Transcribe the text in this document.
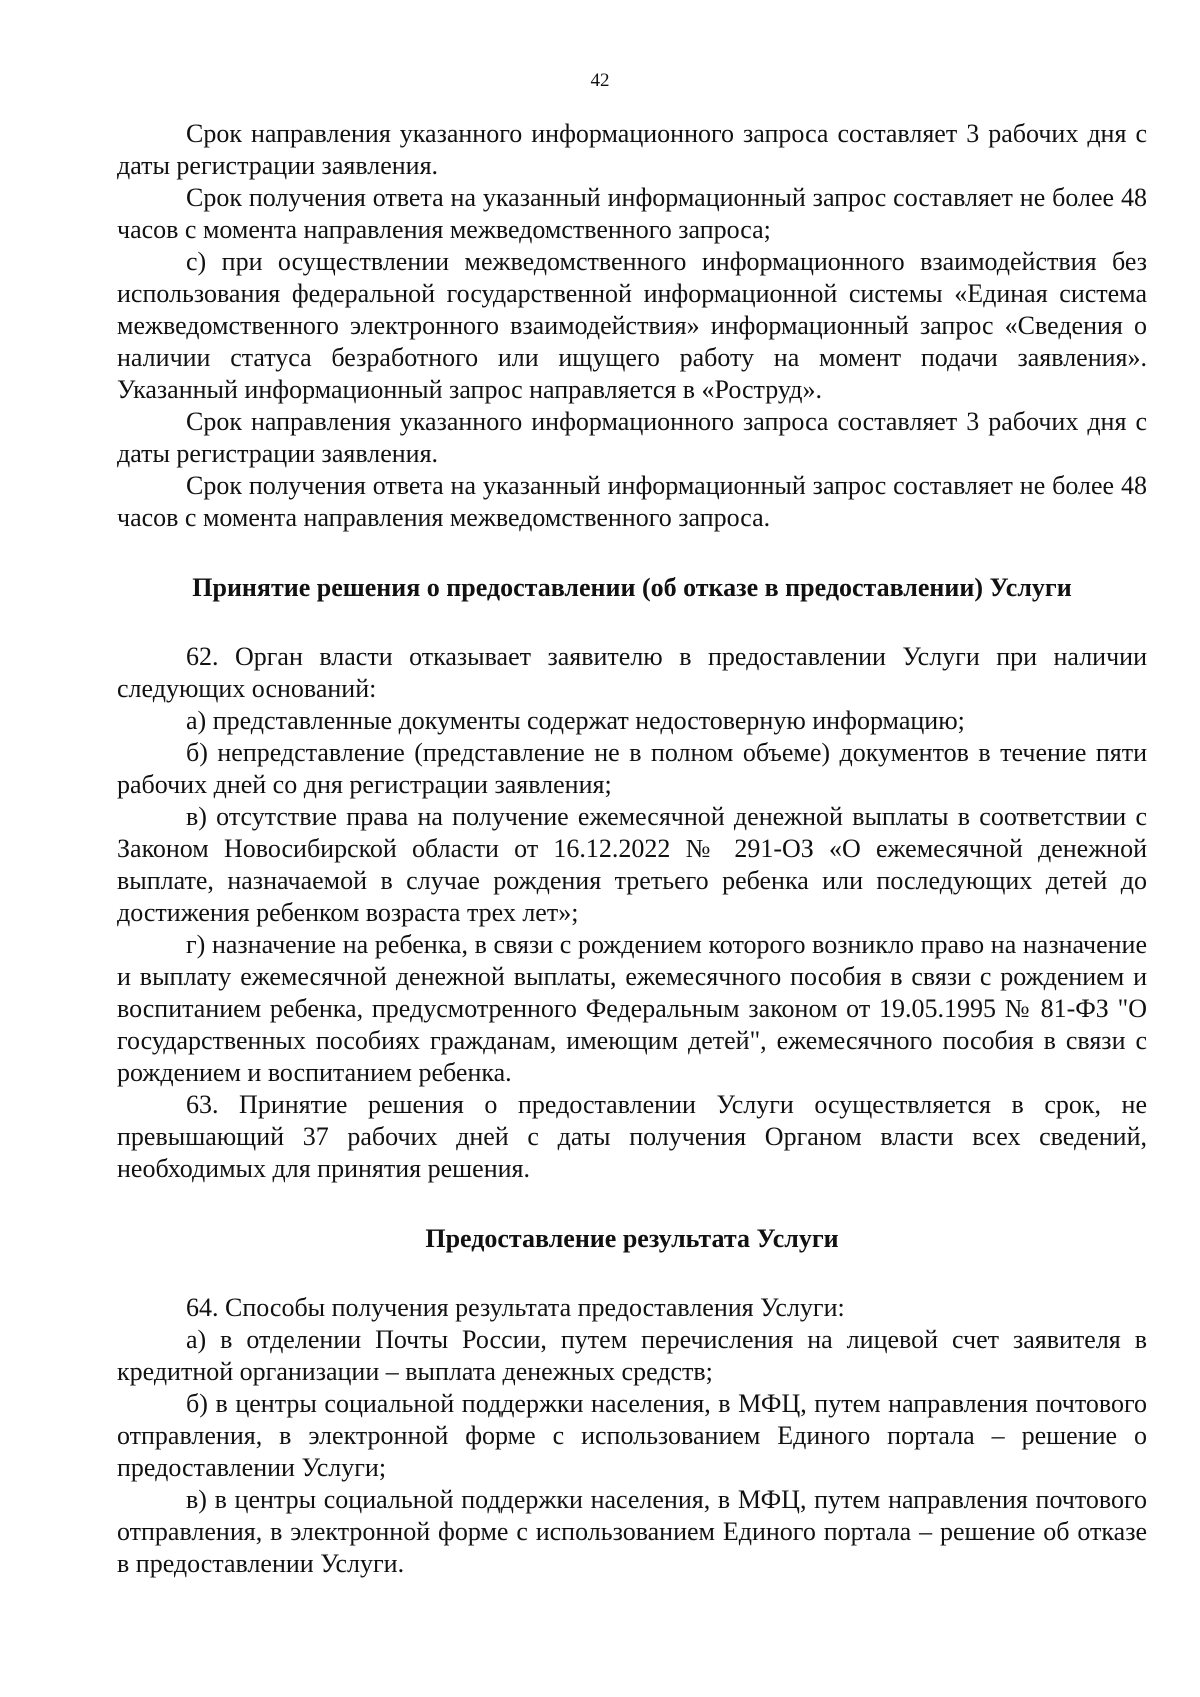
42

Срок направления указанного информационного запроса составляет 3 рабочих дня с даты регистрации заявления.

Срок получения ответа на указанный информационный запрос составляет не более 48 часов с момента направления межведомственного запроса;

с) при осуществлении межведомственного информационного взаимодействия без использования федеральной государственной информационной системы «Единая система межведомственного электронного взаимодействия» информационный запрос «Сведения о наличии статуса безработного или ищущего работу на момент подачи заявления». Указанный информационный запрос направляется в «Роструд».

Срок направления указанного информационного запроса составляет 3 рабочих дня с даты регистрации заявления.

Срок получения ответа на указанный информационный запрос составляет не более 48 часов с момента направления межведомственного запроса.

Принятие решения о предоставлении (об отказе в предоставлении) Услуги

62. Орган власти отказывает заявителю в предоставлении Услуги при наличии следующих оснований:

а) представленные документы содержат недостоверную информацию;

б) непредставление (представление не в полном объеме) документов в течение пяти рабочих дней со дня регистрации заявления;

в) отсутствие права на получение ежемесячной денежной выплаты в соответствии с Законом Новосибирской области от 16.12.2022 № 291-ОЗ «О ежемесячной денежной выплате, назначаемой в случае рождения третьего ребенка или последующих детей до достижения ребенком возраста трех лет»;

г) назначение на ребенка, в связи с рождением которого возникло право на назначение и выплату ежемесячной денежной выплаты, ежемесячного пособия в связи с рождением и воспитанием ребенка, предусмотренного Федеральным законом от 19.05.1995 № 81-ФЗ "О государственных пособиях гражданам, имеющим детей", ежемесячного пособия в связи с рождением и воспитанием ребенка.

63. Принятие решения о предоставлении Услуги осуществляется в срок, не превышающий 37 рабочих дней с даты получения Органом власти всех сведений, необходимых для принятия решения.

Предоставление результата Услуги

64. Способы получения результата предоставления Услуги:

а) в отделении Почты России, путем перечисления на лицевой счет заявителя в кредитной организации – выплата денежных средств;

б) в центры социальной поддержки населения, в МФЦ, путем направления почтового отправления, в электронной форме с использованием Единого портала – решение о предоставлении Услуги;

в) в центры социальной поддержки населения, в МФЦ, путем направления почтового отправления, в электронной форме с использованием Единого портала – решение об отказе в предоставлении Услуги.
